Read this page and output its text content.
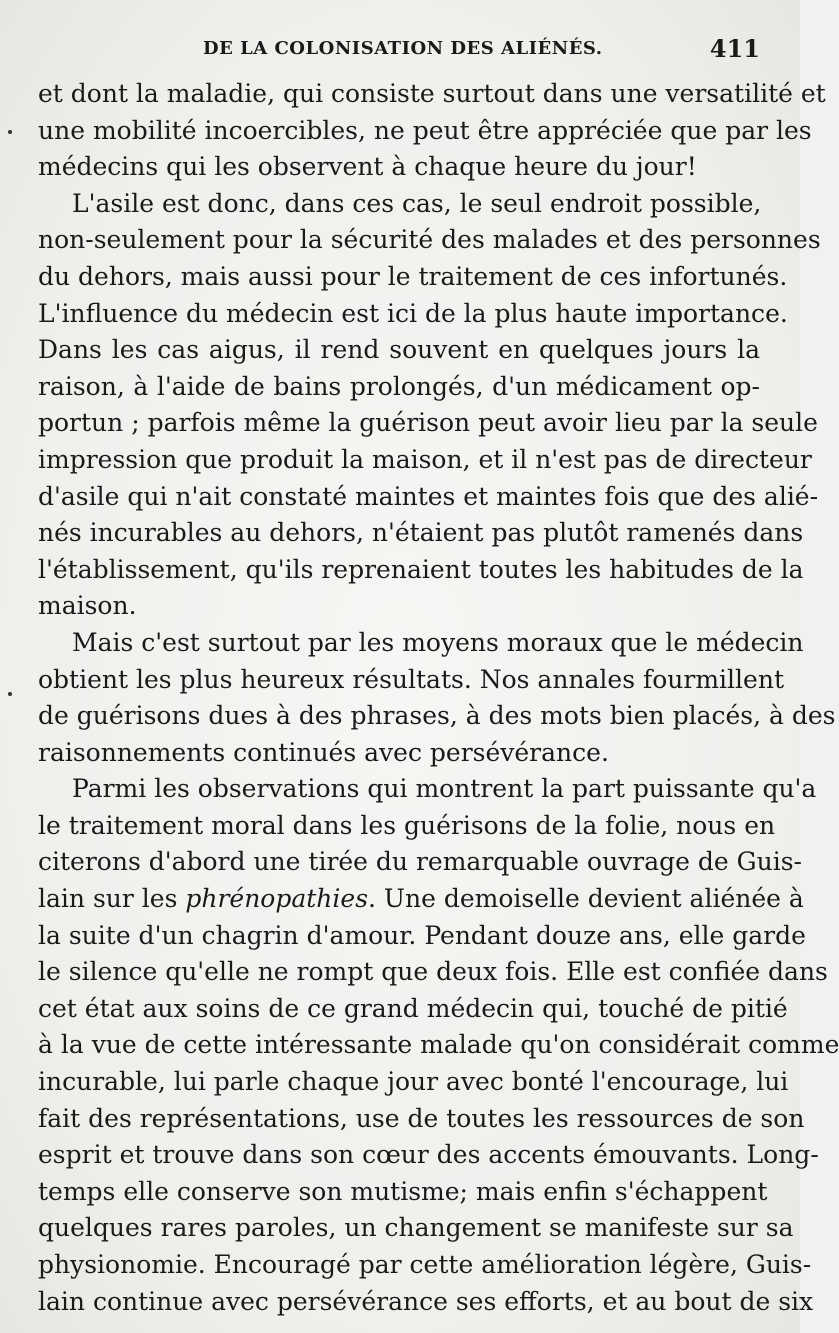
DE LA COLONISATION DES ALIÉNÉS.	411
et dont la maladie, qui consiste surtout dans une versatilité et
une mobilité incoercibles, ne peut être appréciée que par les
médecins qui les observent à chaque heure du jour!
L'asile est donc, dans ces cas, le seul endroit possible,
non-seulement pour la sécurité des malades et des personnes
du dehors, mais aussi pour le traitement de ces infortunés.
L'influence du médecin est ici de la plus haute importance.
Dans les cas aigus, il rend souvent en quelques jours la
raison, à l'aide de bains prolongés, d'un médicament op-
portun ; parfois même la guérison peut avoir lieu par la seule
impression que produit la maison, et il n'est pas de directeur
d'asile qui n'ait constaté maintes et maintes fois que des alié-
nés incurables au dehors, n'étaient pas plutôt ramenés dans
l'établissement, qu'ils reprenaient toutes les habitudes de la
maison.
Mais c'est surtout par les moyens moraux que le médecin
obtient les plus heureux résultats. Nos annales fourmillent
de guérisons dues à des phrases, à des mots bien placés, à des
raisonnements continués avec persévérance.
Parmi les observations qui montrent la part puissante qu'a
le traitement moral dans les guérisons de la folie, nous en
citerons d'abord une tirée du remarquable ouvrage de Guis-
lain sur les phrénopathies. Une demoiselle devient aliénée à
la suite d'un chagrin d'amour. Pendant douze ans, elle garde
le silence qu'elle ne rompt que deux fois. Elle est confiée dans
cet état aux soins de ce grand médecin qui, touché de pitié
à la vue de cette intéressante malade qu'on considérait comme
incurable, lui parle chaque jour avec bonté l'encourage, lui
fait des représentations, use de toutes les ressources de son
esprit et trouve dans son cœur des accents émouvants. Long-
temps elle conserve son mutisme; mais enfin s'échappent
quelques rares paroles, un changement se manifeste sur sa
physionomie. Encouragé par cette amélioration légère, Guis-
lain continue avec persévérance ses efforts, et au bout de six
